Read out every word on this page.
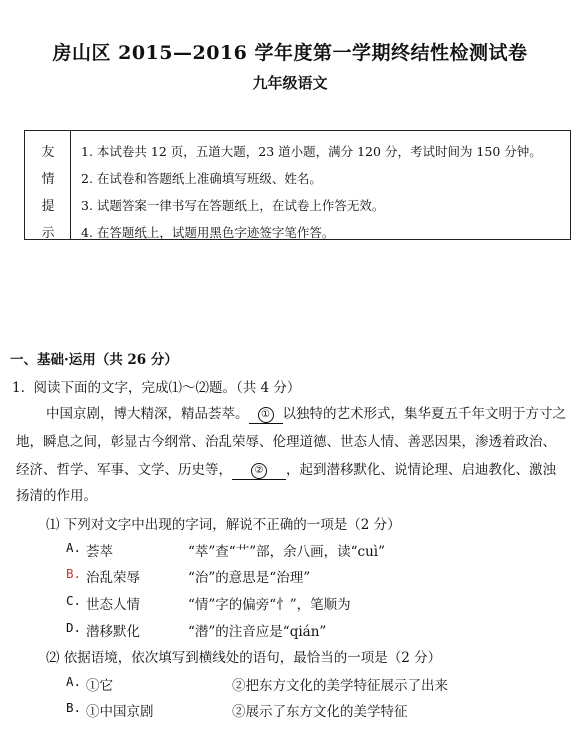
房山区 2015—2016 学年度第一学期终结性检测试卷
九年级语文
友
情
提
示
1. 本试卷共 12 页，五道大题，23 道小题，满分 120 分，考试时间为 150 分钟。
2. 在试卷和答题纸上准确填写班级、姓名。
3. 试题答案一律书写在答题纸上，在试卷上作答无效。
4. 在答题纸上，试题用黑色字迹签字笔作答。
一、基础·运用（共 26 分）
1. 阅读下面的文字，完成⑴～⑵题。（共 4 分）
中国京剧，博大精深，精品荟萃。 ① 以独特的艺术形式，集华夏五千年文明于方寸之
地，瞬息之间，彰显古今纲常、治乱荣辱、伦理道德、世态人情、善恶因果，渗透着政治、
经济、哲学、军事、文学、历史等， ② ，起到潜移默化、说情论理、启迪教化、激浊
扬清的作用。
⑴ 下列对文字中出现的字词，解说不正确的一项是（2 分）
A. 荟萃	“萃”查“艹”部，余八画，读“cuì”
B. 治乱荣辱	“治”的意思是“治理”
C. 世态人情	“情”字的偏旁“忄”，笔顺为
D. 潜移默化	“潜”的注音应是“qián”
⑵ 依据语境，依次填写到横线处的语句，最恰当的一项是（2 分）
A. ①它	②把东方文化的美学特征展示了出来
B. ①中国京剧	②展示了东方文化的美学特征
